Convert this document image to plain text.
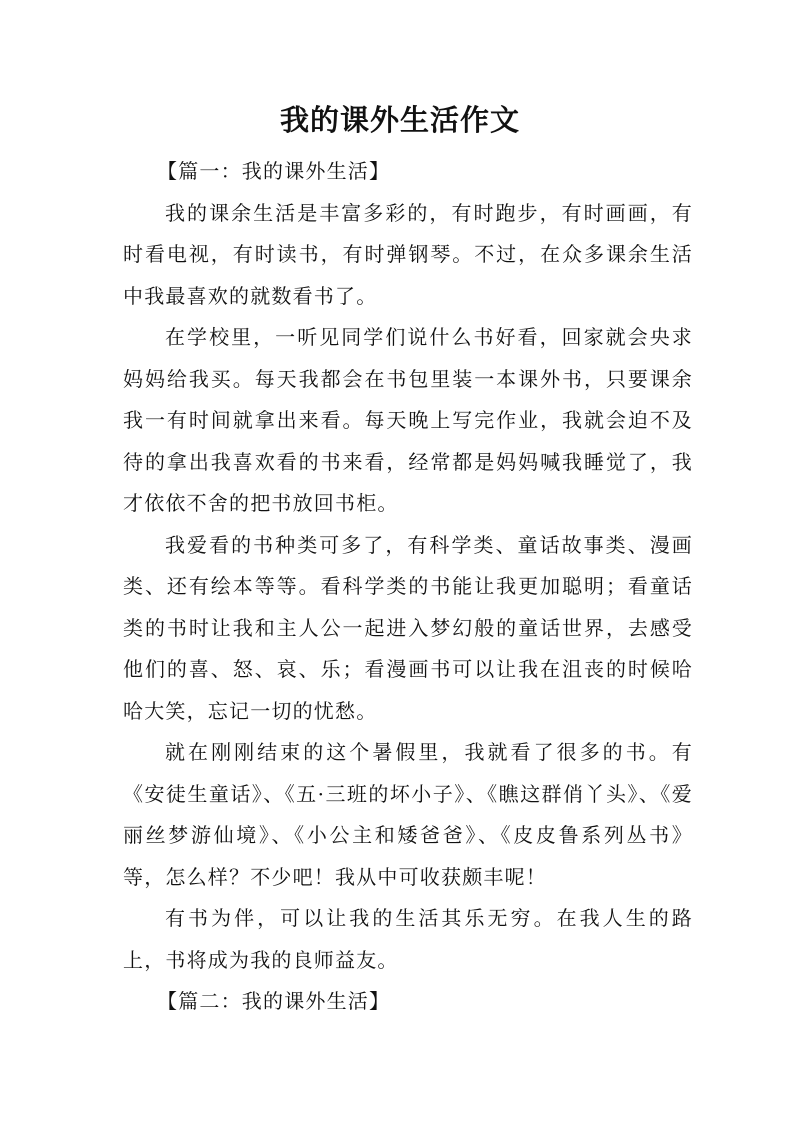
我的课外生活作文

【篇一：我的课外生活】

我的课余生活是丰富多彩的，有时跑步，有时画画，有时看电视，有时读书，有时弹钢琴。不过，在众多课余生活中我最喜欢的就数看书了。

在学校里，一听见同学们说什么书好看，回家就会央求妈妈给我买。每天我都会在书包里装一本课外书，只要课余我一有时间就拿出来看。每天晚上写完作业，我就会迫不及待的拿出我喜欢看的书来看，经常都是妈妈喊我睡觉了，我才依依不舍的把书放回书柜。

我爱看的书种类可多了，有科学类、童话故事类、漫画类、还有绘本等等。看科学类的书能让我更加聪明；看童话类的书时让我和主人公一起进入梦幻般的童话世界，去感受他们的喜、怒、哀、乐；看漫画书可以让我在沮丧的时候哈哈大笑，忘记一切的忧愁。

就在刚刚结束的这个暑假里，我就看了很多的书。有《安徒生童话》、《五·三班的坏小子》、《瞧这群俏丫头》、《爱丽丝梦游仙境》、《小公主和矮爸爸》、《皮皮鲁系列丛书》等，怎么样？不少吧！我从中可收获颇丰呢！

有书为伴，可以让我的生活其乐无穷。在我人生的路上，书将成为我的良师益友。

【篇二：我的课外生活】
